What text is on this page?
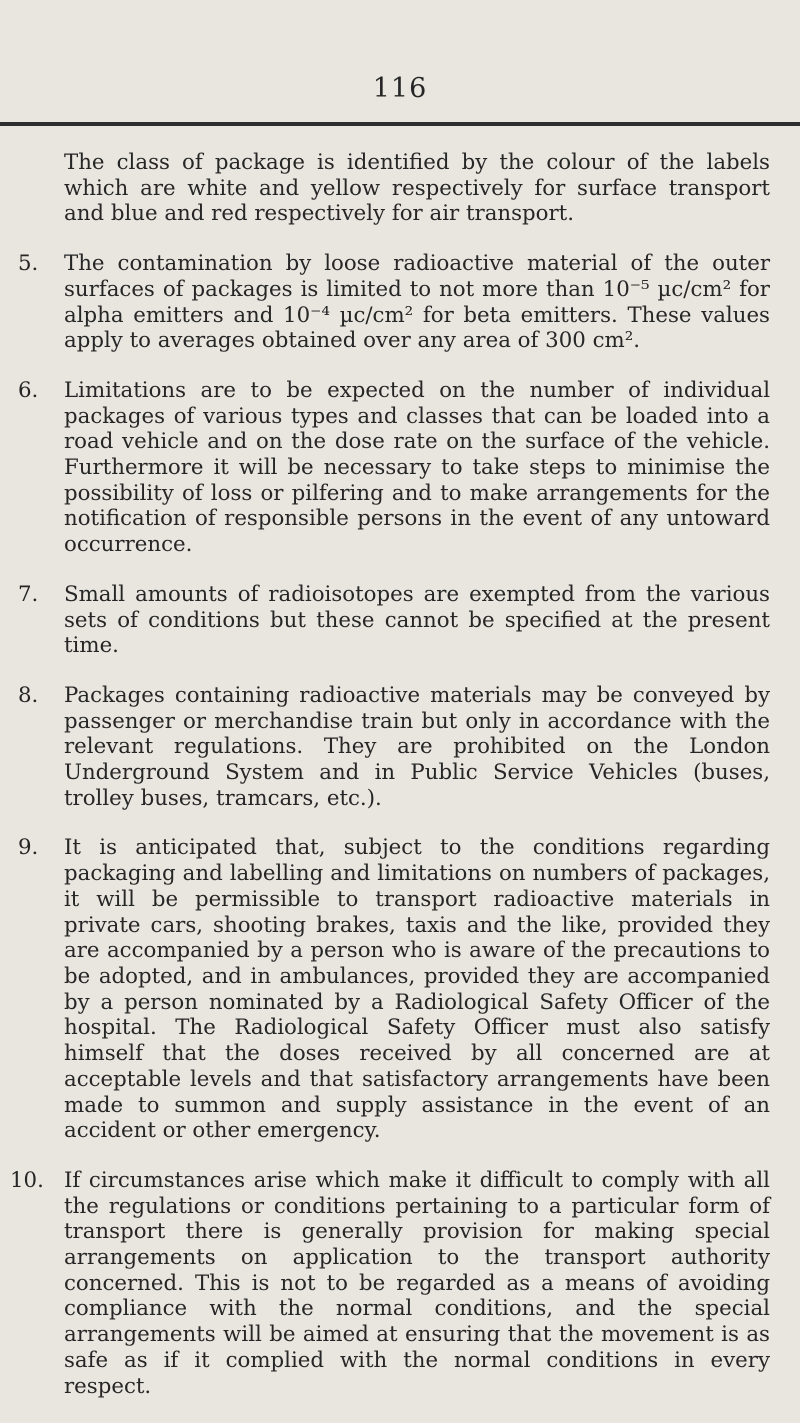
116
The class of package is identified by the colour of the labels which are white and yellow respectively for surface transport and blue and red respectively for air transport.
5. The contamination by loose radioactive material of the outer surfaces of packages is limited to not more than 10⁻⁵ µc/cm² for alpha emitters and 10⁻⁴ µc/cm² for beta emitters. These values apply to averages obtained over any area of 300 cm².
6. Limitations are to be expected on the number of individual packages of various types and classes that can be loaded into a road vehicle and on the dose rate on the surface of the vehicle. Furthermore it will be necessary to take steps to minimise the possibility of loss or pilfering and to make arrangements for the notification of responsible persons in the event of any untoward occurrence.
7. Small amounts of radioisotopes are exempted from the various sets of conditions but these cannot be specified at the present time.
8. Packages containing radioactive materials may be conveyed by passenger or merchandise train but only in accordance with the relevant regulations. They are prohibited on the London Underground System and in Public Service Vehicles (buses, trolley buses, tramcars, etc.).
9. It is anticipated that, subject to the conditions regarding packaging and labelling and limitations on numbers of packages, it will be permissible to transport radioactive materials in private cars, shooting brakes, taxis and the like, provided they are accompanied by a person who is aware of the precautions to be adopted, and in ambulances, provided they are accompanied by a person nominated by a Radiological Safety Officer of the hospital. The Radiological Safety Officer must also satisfy himself that the doses received by all concerned are at acceptable levels and that satisfactory arrangements have been made to summon and supply assistance in the event of an accident or other emergency.
10. If circumstances arise which make it difficult to comply with all the regulations or conditions pertaining to a particular form of transport there is generally provision for making special arrangements on application to the transport authority concerned. This is not to be regarded as a means of avoiding compliance with the normal conditions, and the special arrangements will be aimed at ensuring that the movement is as safe as if it complied with the normal conditions in every respect.
